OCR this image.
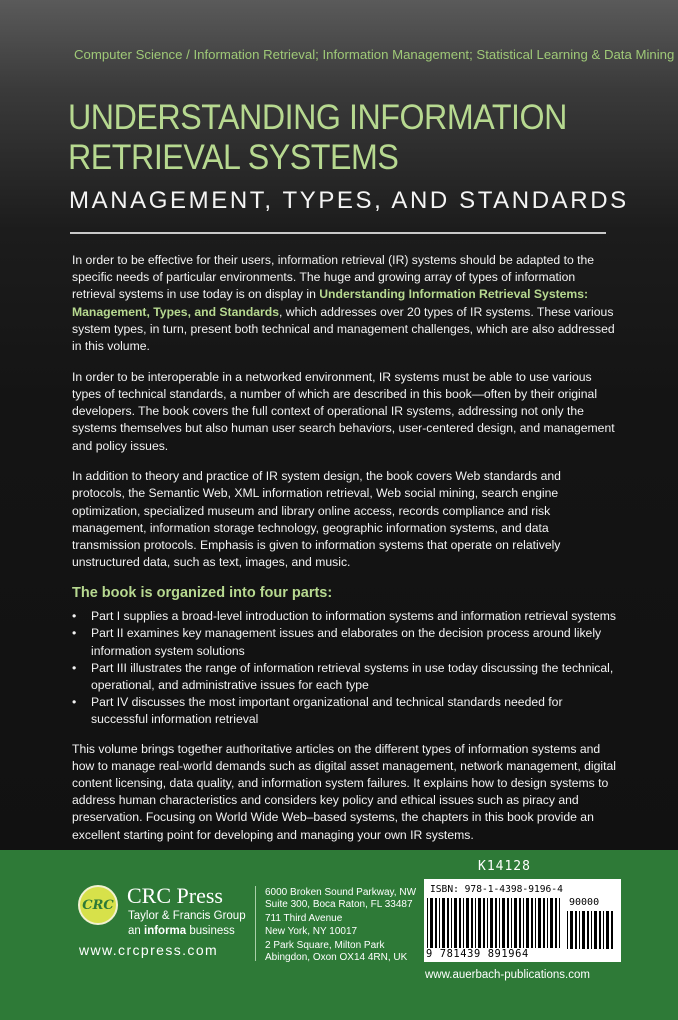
Computer Science / Information Retrieval; Information Management; Statistical Learning & Data Mining
UNDERSTANDING INFORMATION
RETRIEVAL SYSTEMS
MANAGEMENT, TYPES, AND STANDARDS

In order to be effective for their users, information retrieval (IR) systems should be adapted to the specific needs of particular environments. The huge and growing array of types of information retrieval systems in use today is on display in Understanding Information Retrieval Systems: Management, Types, and Standards, which addresses over 20 types of IR systems. These various system types, in turn, present both technical and management challenges, which are also addressed in this volume.

In order to be interoperable in a networked environment, IR systems must be able to use various types of technical standards, a number of which are described in this book—often by their original developers. The book covers the full context of operational IR systems, addressing not only the systems themselves but also human user search behaviors, user-centered design, and management and policy issues.

In addition to theory and practice of IR system design, the book covers Web standards and protocols, the Semantic Web, XML information retrieval, Web social mining, search engine optimization, specialized museum and library online access, records compliance and risk management, information storage technology, geographic information systems, and data transmission protocols. Emphasis is given to information systems that operate on relatively unstructured data, such as text, images, and music.

The book is organized into four parts:
• Part I supplies a broad-level introduction to information systems and information retrieval systems
• Part II examines key management issues and elaborates on the decision process around likely information system solutions
• Part III illustrates the range of information retrieval systems in use today discussing the technical, operational, and administrative issues for each type
• Part IV discusses the most important organizational and technical standards needed for successful information retrieval

This volume brings together authoritative articles on the different types of information systems and how to manage real-world demands such as digital asset management, network management, digital content licensing, data quality, and information system failures. It explains how to design systems to address human characteristics and considers key policy and ethical issues such as piracy and preservation. Focusing on World Wide Web–based systems, the chapters in this book provide an excellent starting point for developing and managing your own IR systems.

CRC CRC Press
Taylor & Francis Group
an informa business
www.crcpress.com
6000 Broken Sound Parkway, NW
Suite 300, Boca Raton, FL 33487
711 Third Avenue
New York, NY 10017
2 Park Square, Milton Park
Abingdon, Oxon OX14 4RN, UK
K14128
ISBN: 978-1-4398-9196-4
90000
9 781439 891964
www.auerbach-publications.com
